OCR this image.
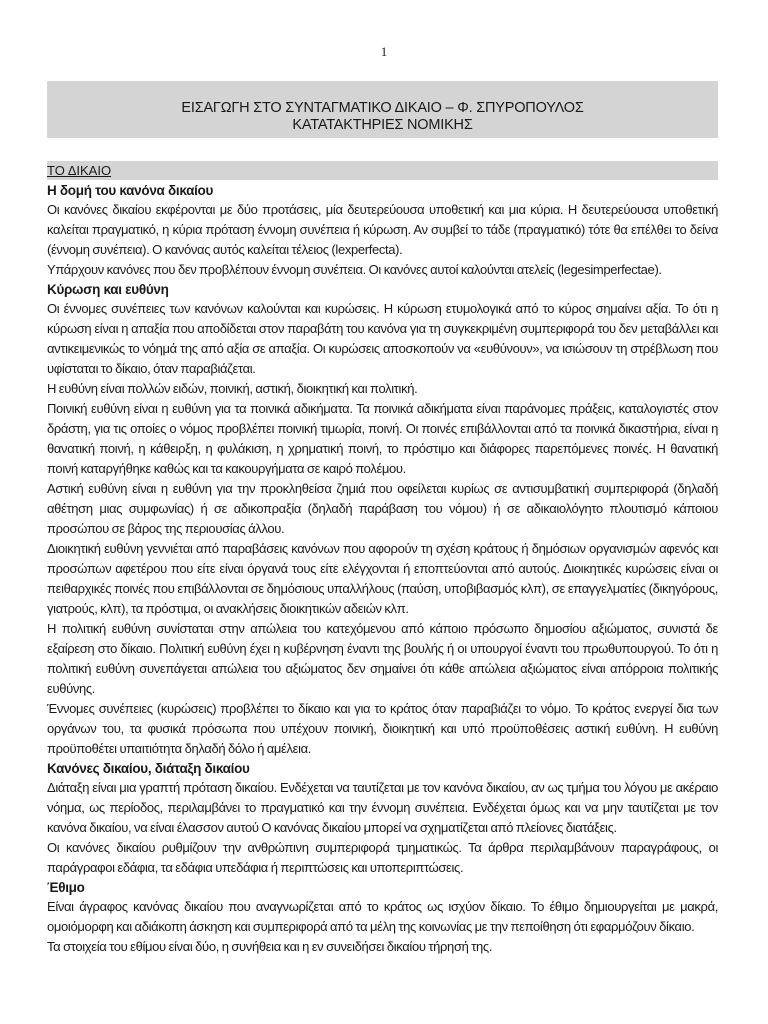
1
ΕΙΣΑΓΩΓΗ ΣΤΟ ΣΥΝΤΑΓΜΑΤΙΚΟ ΔΙΚΑΙΟ – Φ. ΣΠΥΡΟΠΟΥΛΟΣ
ΚΑΤΑΤΑΚΤΗΡΙΕΣ ΝΟΜΙΚΗΣ
ΤΟ ΔΙΚΑΙΟ
Η δομή του κανόνα δικαίου

Οι κανόνες δικαίου εκφέρονται με δύο προτάσεις, μία δευτερεύουσα υποθετική και μια κύρια. Η δευτερεύουσα υποθετική καλείται πραγματικό, η κύρια πρόταση έννομη συνέπεια ή κύρωση. Αν συμβεί το τάδε (πραγματικό) τότε θα επέλθει το δείνα (έννομη συνέπεια). Ο κανόνας αυτός καλείται τέλειος (lexperfecta).

Υπάρχουν κανόνες που δεν προβλέπουν έννομη συνέπεια. Οι κανόνες αυτοί καλούνται ατελείς (legesimperfectae).

Κύρωση και ευθύνη

Οι έννομες συνέπειες των κανόνων καλούνται και κυρώσεις. Η κύρωση ετυμολογικά από το κύρος σημαίνει αξία. Το ότι η κύρωση είναι η απαξία που αποδίδεται στον παραβάτη του κανόνα για τη συγκεκριμένη συμπεριφορά του δεν μεταβάλλει και αντικειμενικώς το νόημά της από αξία σε απαξία. Οι κυρώσεις αποσκοπούν να «ευθύνουν», να ισιώσουν τη στρέβλωση που υφίσταται το δίκαιο, όταν παραβιάζεται.

Η ευθύνη είναι πολλών ειδών, ποινική, αστική, διοικητική και πολιτική.

Ποινική ευθύνη είναι η ευθύνη για τα ποινικά αδικήματα. Τα ποινικά αδικήματα είναι παράνομες πράξεις, καταλογιστές στον δράστη, για τις οποίες ο νόμος προβλέπει ποινική τιμωρία, ποινή. Οι ποινές επιβάλλονται από τα ποινικά δικαστήρια, είναι η θανατική ποινή, η κάθειρξη, η φυλάκιση, η χρηματική ποινή, το πρόστιμο και διάφορες παρεπόμενες ποινές. Η θανατική ποινή καταργήθηκε καθώς και τα κακουργήματα σε καιρό πολέμου.

Αστική ευθύνη είναι η ευθύνη για την προκληθείσα ζημιά που οφείλεται κυρίως σε αντισυμβατική συμπεριφορά (δηλαδή αθέτηση μιας συμφωνίας) ή σε αδικοπραξία (δηλαδή παράβαση του νόμου) ή σε αδικαιολόγητο πλουτισμό κάποιου προσώπου σε βάρος της περιουσίας άλλου.

Διοικητική ευθύνη γεννιέται από παραβάσεις κανόνων που αφορούν τη σχέση κράτους ή δημόσιων οργανισμών αφενός και προσώπων αφετέρου που είτε είναι όργανά τους είτε ελέγχονται ή εποπτεύονται από αυτούς. Διοικητικές κυρώσεις είναι οι πειθαρχικές ποινές που επιβάλλονται σε δημόσιους υπαλλήλους (παύση, υποβιβασμός κλπ), σε επαγγελματίες (δικηγόρους, γιατρούς, κλπ), τα πρόστιμα, οι ανακλήσεις διοικητικών αδειών κλπ.

Η πολιτική ευθύνη συνίσταται στην απώλεια του κατεχόμενου από κάποιο πρόσωπο δημοσίου αξιώματος, συνιστά δε εξαίρεση στο δίκαιο. Πολιτική ευθύνη έχει η κυβέρνηση έναντι της βουλής ή οι υπουργοί έναντι του πρωθυπουργού. Το ότι η πολιτική ευθύνη συνεπάγεται απώλεια του αξιώματος δεν σημαίνει ότι κάθε απώλεια αξιώματος είναι απόρροια πολιτικής ευθύνης.

Έννομες συνέπειες (κυρώσεις) προβλέπει το δίκαιο και για το κράτος όταν παραβιάζει το νόμο. Το κράτος ενεργεί δια των οργάνων του, τα φυσικά πρόσωπα που υπέχουν ποινική, διοικητική και υπό προϋποθέσεις αστική ευθύνη. Η ευθύνη προϋποθέτει υπαιτιότητα δηλαδή δόλο ή αμέλεια.

Κανόνες δικαίου, διάταξη δικαίου

Διάταξη είναι μια γραπτή πρόταση δικαίου. Ενδέχεται να ταυτίζεται με τον κανόνα δικαίου, αν ως τμήμα του λόγου με ακέραιο νόημα, ως περίοδος, περιλαμβάνει το πραγματικό και την έννομη συνέπεια. Ενδέχεται όμως και να μην ταυτίζεται με τον κανόνα δικαίου, να είναι έλασσον αυτού Ο κανόνας δικαίου μπορεί να σχηματίζεται από πλείονες διατάξεις.

Οι κανόνες δικαίου ρυθμίζουν την ανθρώπινη συμπεριφορά τμηματικώς. Τα άρθρα περιλαμβάνουν παραγράφους, οι παράγραφοι εδάφια, τα εδάφια υπεδάφια ή περιπτώσεις και υποπεριπτώσεις.

Έθιμο

Είναι άγραφος κανόνας δικαίου που αναγνωρίζεται από το κράτος ως ισχύον δίκαιο. Το έθιμο δημιουργείται με μακρά, ομοιόμορφη και αδιάκοπη άσκηση και συμπεριφορά από τα μέλη της κοινωνίας με την πεποίθηση ότι εφαρμόζουν δίκαιο.

Τα στοιχεία του εθίμου είναι δύο, η συνήθεια και η εν συνειδήσει δικαίου τήρησή της.
